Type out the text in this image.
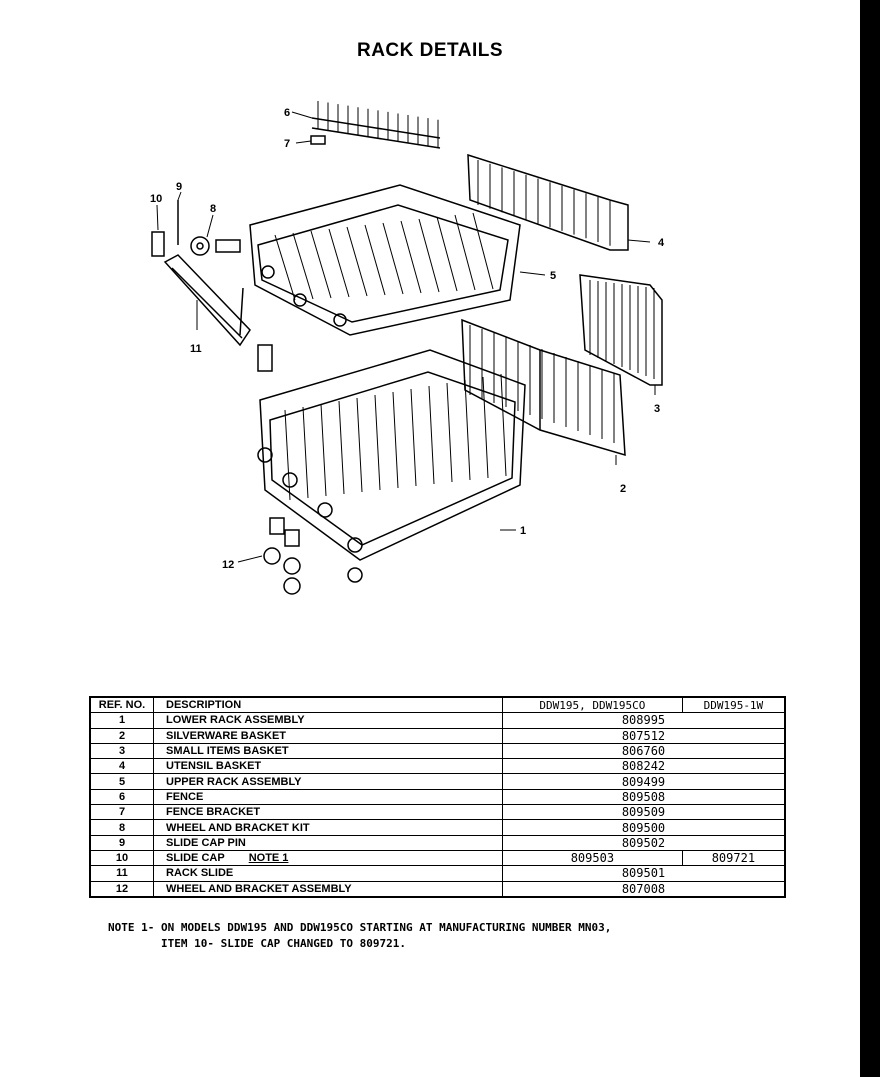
RACK DETAILS
1
2
3
4
5
6
7
8
9
10
11
12
REF. NO.	DESCRIPTION	DDW195, DDW195CO	DDW195-1W
1	LOWER RACK ASSEMBLY	808995	
2	SILVERWARE BASKET	807512	
3	SMALL ITEMS BASKET	806760	
4	UTENSIL BASKET	808242	
5	UPPER RACK ASSEMBLY	809499	
6	FENCE	809508	
7	FENCE BRACKET	809509	
8	WHEEL AND BRACKET KIT	809500	
9	SLIDE CAP PIN	809502	
10	SLIDE CAP NOTE 1	809503	809721
11	RACK SLIDE	809501	
12	WHEEL AND BRACKET ASSEMBLY	807008	
NOTE 1- ON MODELS DDW195 AND DDW195CO STARTING AT MANUFACTURING NUMBER MN03,
ITEM 10- SLIDE CAP CHANGED TO 809721.
